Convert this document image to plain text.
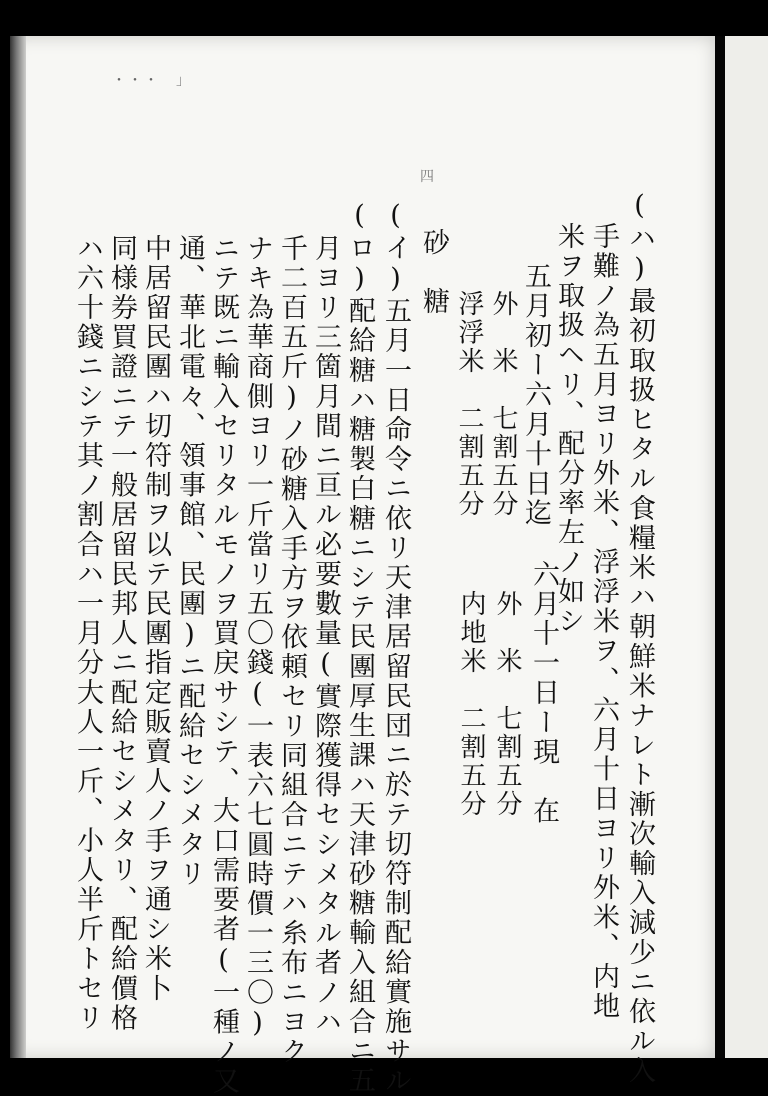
・・・　｣
四
(ハ)最初取扱ヒタル食糧米ハ朝鮮米ナレト漸次輸入減少ニ依ル入
手難ノ為五月ヨリ外米、浮浮米ヲ、六月十日ヨリ外米、内地
米ヲ取扱ヘリ、配分率左ノ如シ
五月初ー六月十日迄
外　米　七割五分
六月十一日ー現　在
浮浮米　二割五分
外　米　七割五分
内地米　二割五分
砂　糖
(イ)五月一日命令ニ依リ天津居留民団ニ於テ切符制配給實施サル
(ロ)配給糖ハ糖製白糖ニシテ民團厚生課ハ天津砂糖輸入組合ニ五
月ヨリ三箇月間ニ亘ル必要數量(實際獲得セシメタル者ノハ
千二百五斤)ノ砂糖入手方ヲ依頼セリ同組合ニテハ糸布ニヨク
ナキ為華商側ヨリ一斤當リ五〇錢(一表六七圓時價一三〇)
ニテ既ニ輸入セリタルモノヲ買戻サシテ、大口需要者(一種ノ又
通、華北電々、領事館、民團)ニ配給セシメタリ
中居留民團ハ切符制ヲ以テ民團指定販賣人ノ手ヲ通シ米卜
同様券買證ニテ一般居留民邦人ニ配給セシメタリ、配給價格
ハ六十錢ニシテ其ノ割合ハ一月分大人一斤、小人半斤トセリ
